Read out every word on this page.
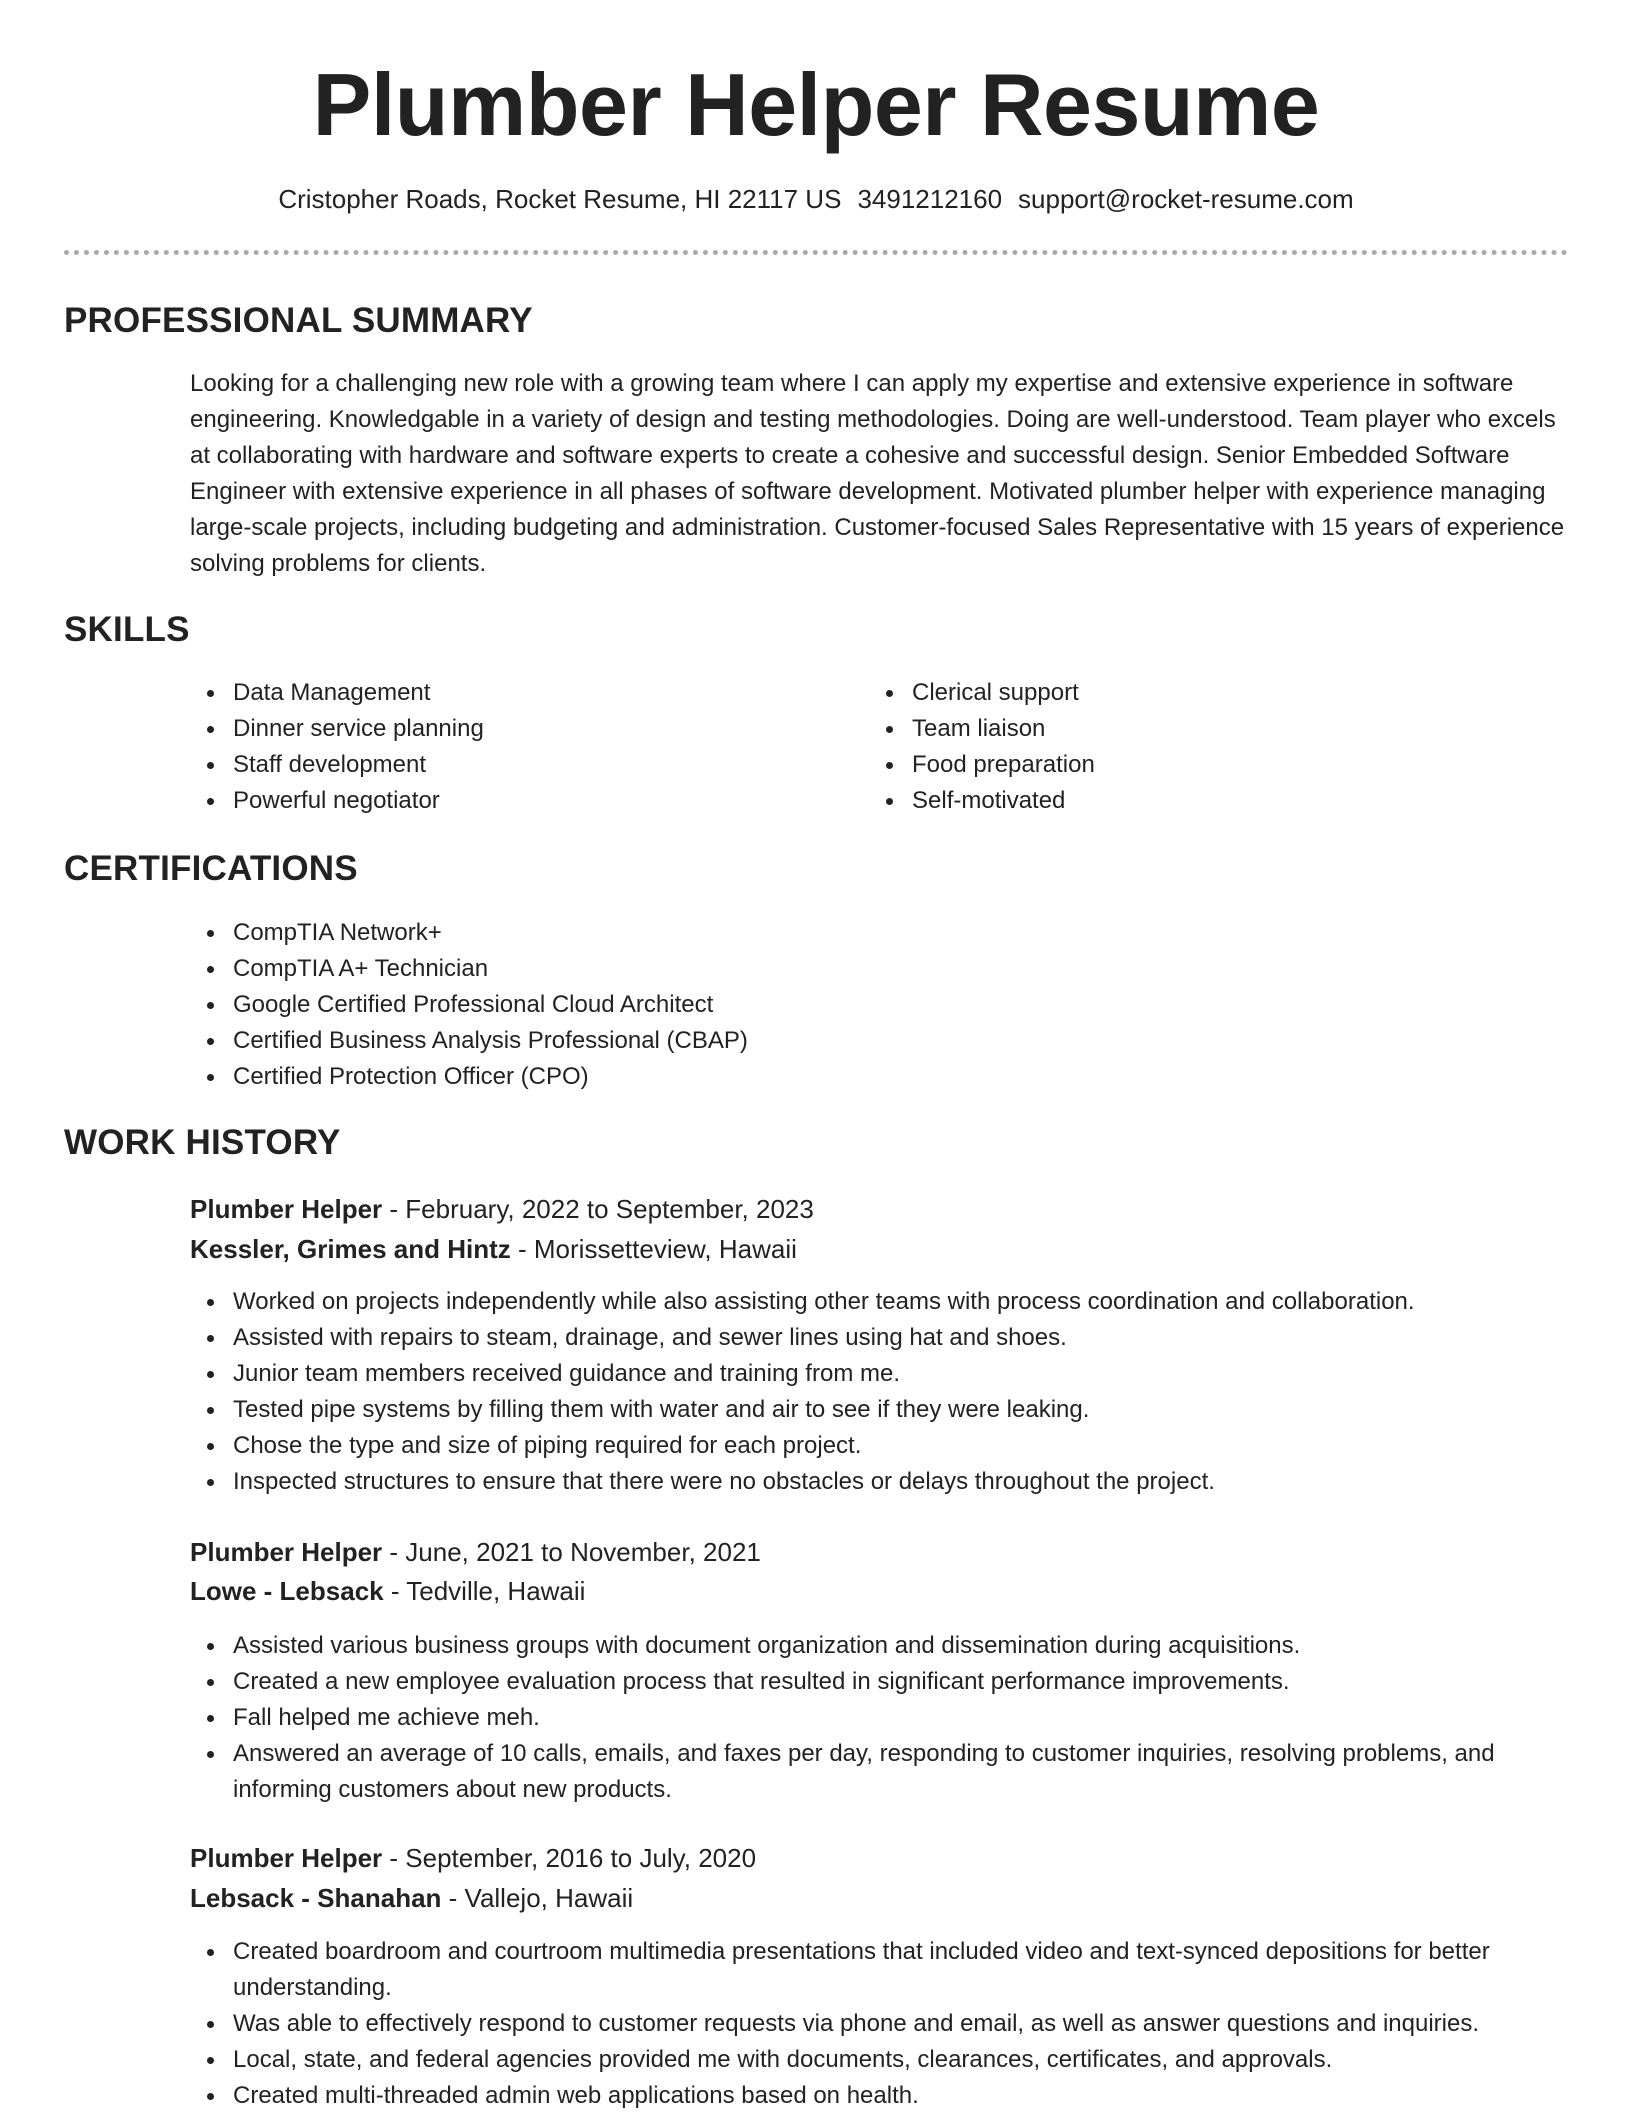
Plumber Helper Resume
Cristopher Roads, Rocket Resume, HI 22117 US 3491212160 support@rocket-resume.com
PROFESSIONAL SUMMARY
Looking for a challenging new role with a growing team where I can apply my expertise and extensive experience in software engineering. Knowledgable in a variety of design and testing methodologies. Doing are well-understood. Team player who excels at collaborating with hardware and software experts to create a cohesive and successful design. Senior Embedded Software Engineer with extensive experience in all phases of software development. Motivated plumber helper with experience managing large-scale projects, including budgeting and administration. Customer-focused Sales Representative with 15 years of experience solving problems for clients.
SKILLS
Data Management
Dinner service planning
Staff development
Powerful negotiator
Clerical support
Team liaison
Food preparation
Self-motivated
CERTIFICATIONS
CompTIA Network+
CompTIA A+ Technician
Google Certified Professional Cloud Architect
Certified Business Analysis Professional (CBAP)
Certified Protection Officer (CPO)
WORK HISTORY
Plumber Helper - February, 2022 to September, 2023
Kessler, Grimes and Hintz - Morissetteview, Hawaii
Worked on projects independently while also assisting other teams with process coordination and collaboration.
Assisted with repairs to steam, drainage, and sewer lines using hat and shoes.
Junior team members received guidance and training from me.
Tested pipe systems by filling them with water and air to see if they were leaking.
Chose the type and size of piping required for each project.
Inspected structures to ensure that there were no obstacles or delays throughout the project.
Plumber Helper - June, 2021 to November, 2021
Lowe - Lebsack - Tedville, Hawaii
Assisted various business groups with document organization and dissemination during acquisitions.
Created a new employee evaluation process that resulted in significant performance improvements.
Fall helped me achieve meh.
Answered an average of 10 calls, emails, and faxes per day, responding to customer inquiries, resolving problems, and informing customers about new products.
Plumber Helper - September, 2016 to July, 2020
Lebsack - Shanahan - Vallejo, Hawaii
Created boardroom and courtroom multimedia presentations that included video and text-synced depositions for better understanding.
Was able to effectively respond to customer requests via phone and email, as well as answer questions and inquiries.
Local, state, and federal agencies provided me with documents, clearances, certificates, and approvals.
Created multi-threaded admin web applications based on health.
